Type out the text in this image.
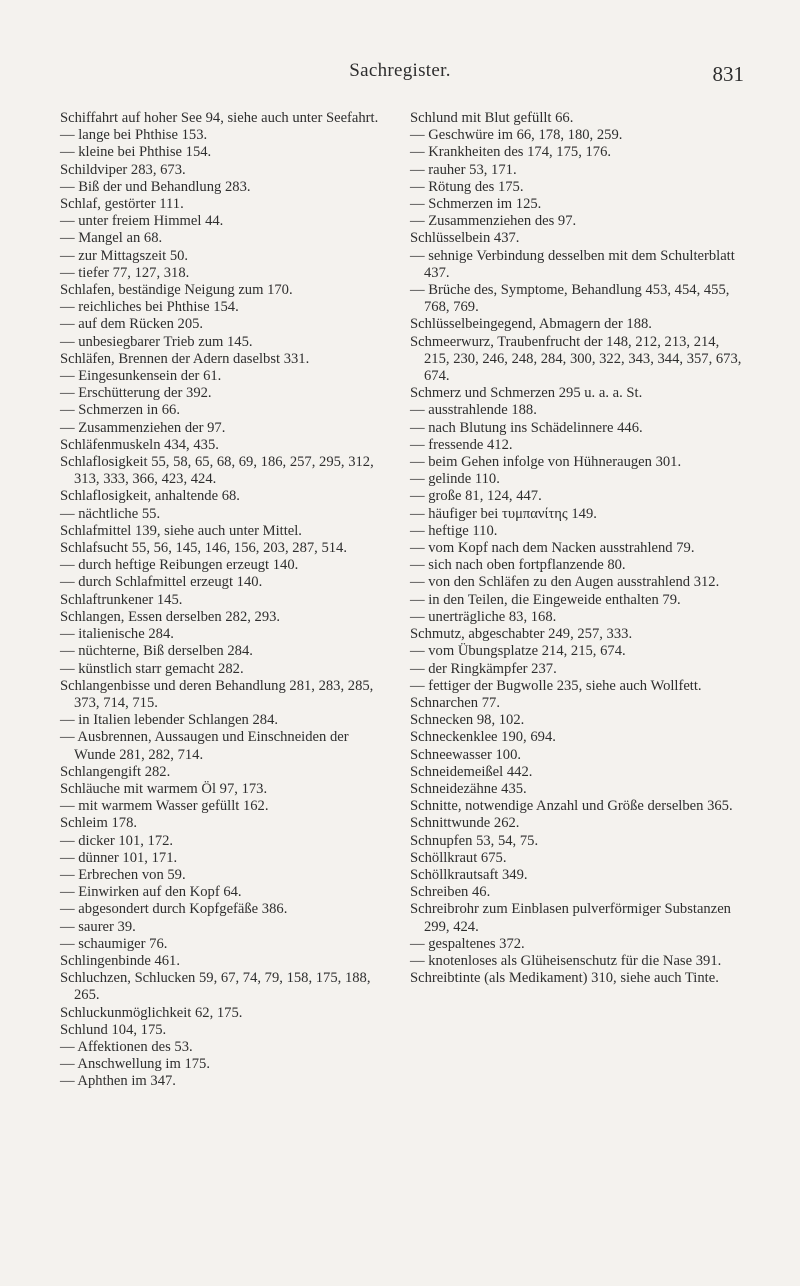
Sachregister.	831

Schiffahrt auf hoher See 94, siehe auch unter Seefahrt.

— lange bei Phthise 153.

— kleine bei Phthise 154.

Schildviper 283, 673.

— Biß der und Behandlung 283.

Schlaf, gestörter 111.

— unter freiem Himmel 44.

— Mangel an 68.

— zur Mittagszeit 50.

— tiefer 77, 127, 318.

Schlafen, beständige Neigung zum 170.

— reichliches bei Phthise 154.

— auf dem Rücken 205.

— unbesiegbarer Trieb zum 145.

Schläfen, Brennen der Adern daselbst 331.

— Eingesunkensein der 61.

— Erschütterung der 392.

— Schmerzen in 66.

— Zusammenziehen der 97.

Schläfenmuskeln 434, 435.

Schlaflosigkeit 55, 58, 65, 68, 69, 186, 257, 295, 312, 313, 333, 366, 423, 424.

Schlaflosigkeit, anhaltende 68.

— nächtliche 55.

Schlafmittel 139, siehe auch unter Mittel.

Schlafsucht 55, 56, 145, 146, 156, 203, 287, 514.

— durch heftige Reibungen erzeugt 140.

— durch Schlafmittel erzeugt 140.

Schlaftrunkener 145.

Schlangen, Essen derselben 282, 293.

— italienische 284.

— nüchterne, Biß derselben 284.

— künstlich starr gemacht 282.

Schlangenbisse und deren Behandlung 281, 283, 285, 373, 714, 715.

— in Italien lebender Schlangen 284.

— Ausbrennen, Aussaugen und Einschneiden der Wunde 281, 282, 714.

Schlangengift 282.

Schläuche mit warmem Öl 97, 173.

— mit warmem Wasser gefüllt 162.

Schleim 178.

— dicker 101, 172.

— dünner 101, 171.

— Erbrechen von 59.

— Einwirken auf den Kopf 64.

— abgesondert durch Kopfgefäße 386.

— saurer 39.

— schaumiger 76.

Schlingenbinde 461.

Schluchzen, Schlucken 59, 67, 74, 79, 158, 175, 188, 265.

Schluckunmöglichkeit 62, 175.

Schlund 104, 175.

— Affektionen des 53.

— Anschwellung im 175.

— Aphthen im 347.

Schlund mit Blut gefüllt 66.

— Geschwüre im 66, 178, 180, 259.

— Krankheiten des 174, 175, 176.

— rauher 53, 171.

— Rötung des 175.

— Schmerzen im 125.

— Zusammenziehen des 97.

Schlüsselbein 437.

— sehnige Verbindung desselben mit dem Schulterblatt 437.

— Brüche des, Symptome, Behandlung 453, 454, 455, 768, 769.

Schlüsselbeingegend, Abmagern der 188.

Schmeerwurz, Traubenfrucht der 148, 212, 213, 214, 215, 230, 246, 248, 284, 300, 322, 343, 344, 357, 673, 674.

Schmerz und Schmerzen 295 u. a. a. St.

— ausstrahlende 188.

— nach Blutung ins Schädelinnere 446.

— fressende 412.

— beim Gehen infolge von Hühneraugen 301.

— gelinde 110.

— große 81, 124, 447.

— häufiger bei τυμπανίτης 149.

— heftige 110.

— vom Kopf nach dem Nacken ausstrahlend 79.

— sich nach oben fortpflanzende 80.

— von den Schläfen zu den Augen ausstrahlend 312.

— in den Teilen, die Eingeweide enthalten 79.

— unerträgliche 83, 168.

Schmutz, abgeschabter 249, 257, 333.

— vom Übungsplatze 214, 215, 674.

— der Ringkämpfer 237.

— fettiger der Bugwolle 235, siehe auch Wollfett.

Schnarchen 77.

Schnecken 98, 102.

Schneckenklee 190, 694.

Schneewasser 100.

Schneidemeißel 442.

Schneidezähne 435.

Schnitte, notwendige Anzahl und Größe derselben 365.

Schnittwunde 262.

Schnupfen 53, 54, 75.

Schöllkraut 675.

Schöllkrautsaft 349.

Schreiben 46.

Schreibrohr zum Einblasen pulverförmiger Substanzen 299, 424.

— gespaltenes 372.

— knotenloses als Glüheisenschutz für die Nase 391.

Schreibtinte (als Medikament) 310, siehe auch Tinte.
